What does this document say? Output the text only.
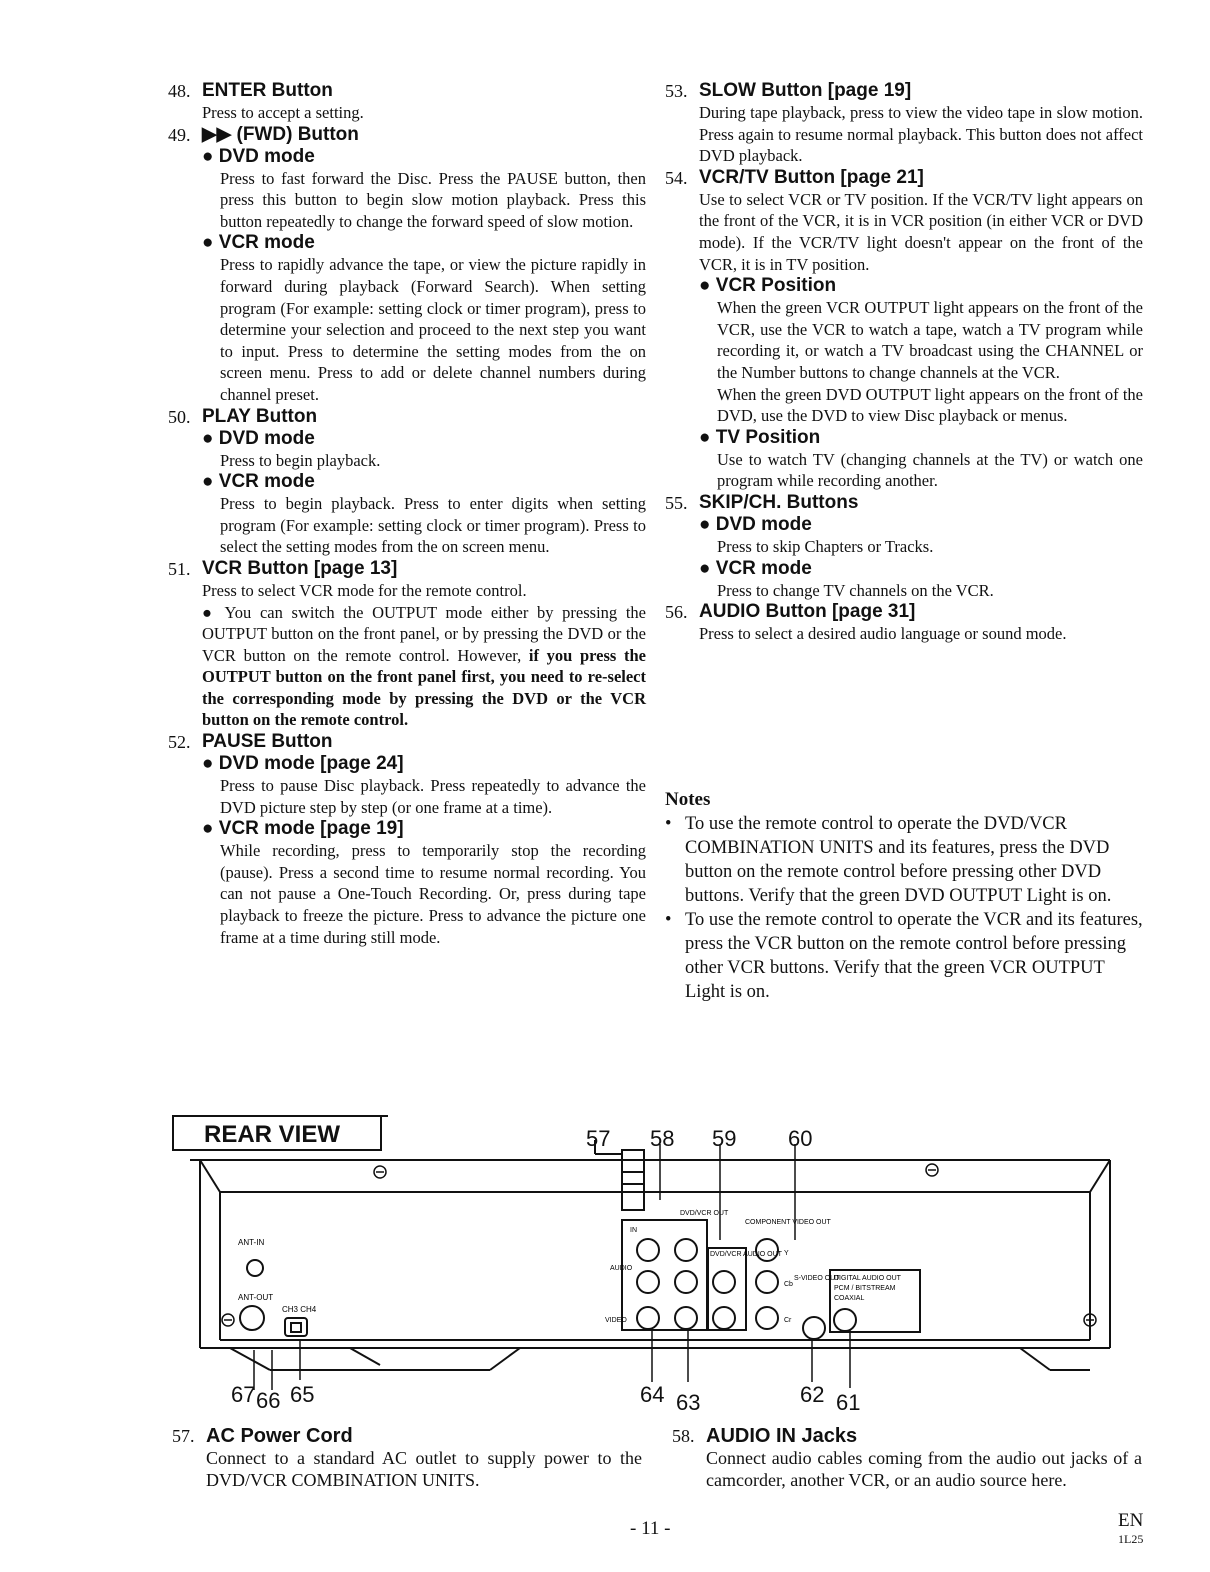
48. ENTER Button
Press to accept a setting.
49. ▶▶ (FWD) Button
● DVD mode
Press to fast forward the Disc. Press the PAUSE button, then press this button to begin slow motion playback. Press this button repeatedly to change the forward speed of slow motion.
● VCR mode
Press to rapidly advance the tape, or view the picture rapidly in forward during playback (Forward Search). When setting program (For example: setting clock or timer program), press to determine your selection and proceed to the next step you want to input. Press to determine the setting modes from the on screen menu. Press to add or delete channel numbers during channel preset.
50. PLAY Button
● DVD mode
Press to begin playback.
● VCR mode
Press to begin playback. Press to enter digits when setting program (For example: setting clock or timer program). Press to select the setting modes from the on screen menu.
51. VCR Button [page 13]
Press to select VCR mode for the remote control.
● You can switch the OUTPUT mode either by pressing the OUTPUT button on the front panel, or by pressing the DVD or the VCR button on the remote control. However, if you press the OUTPUT button on the front panel first, you need to re-select the corresponding mode by pressing the DVD or the VCR button on the remote control.
52. PAUSE Button
● DVD mode [page 24]
Press to pause Disc playback. Press repeatedly to advance the DVD picture step by step (or one frame at a time).
● VCR mode [page 19]
While recording, press to temporarily stop the recording (pause). Press a second time to resume normal recording. You can not pause a One-Touch Recording. Or, press during tape playback to freeze the picture. Press to advance the picture one frame at a time during still mode.
53. SLOW Button [page 19]
During tape playback, press to view the video tape in slow motion. Press again to resume normal playback. This button does not affect DVD playback.
54. VCR/TV Button [page 21]
Use to select VCR or TV position. If the VCR/TV light appears on the front of the VCR, it is in VCR position (in either VCR or DVD mode). If the VCR/TV light doesn't appear on the front of the VCR, it is in TV position.
● VCR Position
When the green VCR OUTPUT light appears on the front of the VCR, use the VCR to watch a tape, watch a TV program while recording it, or watch a TV broadcast using the CHANNEL or the Number buttons to change channels at the VCR.
When the green DVD OUTPUT light appears on the front of the DVD, use the DVD to view Disc playback or menus.
● TV Position
Use to watch TV (changing channels at the TV) or watch one program while recording another.
55. SKIP/CH. Buttons
● DVD mode
Press to skip Chapters or Tracks.
● VCR mode
Press to change TV channels on the VCR.
56. AUDIO Button [page 31]
Press to select a desired audio language or sound mode.
Notes
• To use the remote control to operate the DVD/VCR COMBINATION UNITS and its features, press the DVD button on the remote control before pressing other DVD buttons. Verify that the green DVD OUTPUT Light is on.
• To use the remote control to operate the VCR and its features, press the VCR button on the remote control before pressing other VCR buttons. Verify that the green VCR OUTPUT Light is on.
REAR VIEW
ANT-IN
ANT-OUT
CH3 CH4
IN
AUDIO
VIDEO
DVD/VCR OUT
DVD/VCR AUDIO OUT
COMPONENT VIDEO OUT
Y
Cb
Cr
S-VIDEO OUT
DIGITAL AUDIO OUT
PCM / BITSTREAM
COAXIAL
57 58 59 60
67 66 65	64 63	62 61
57. AC Power Cord
Connect to a standard AC outlet to supply power to the DVD/VCR COMBINATION UNITS.
58. AUDIO IN Jacks
Connect audio cables coming from the audio out jacks of a camcorder, another VCR, or an audio source here.
- 11 -	EN
1L25
